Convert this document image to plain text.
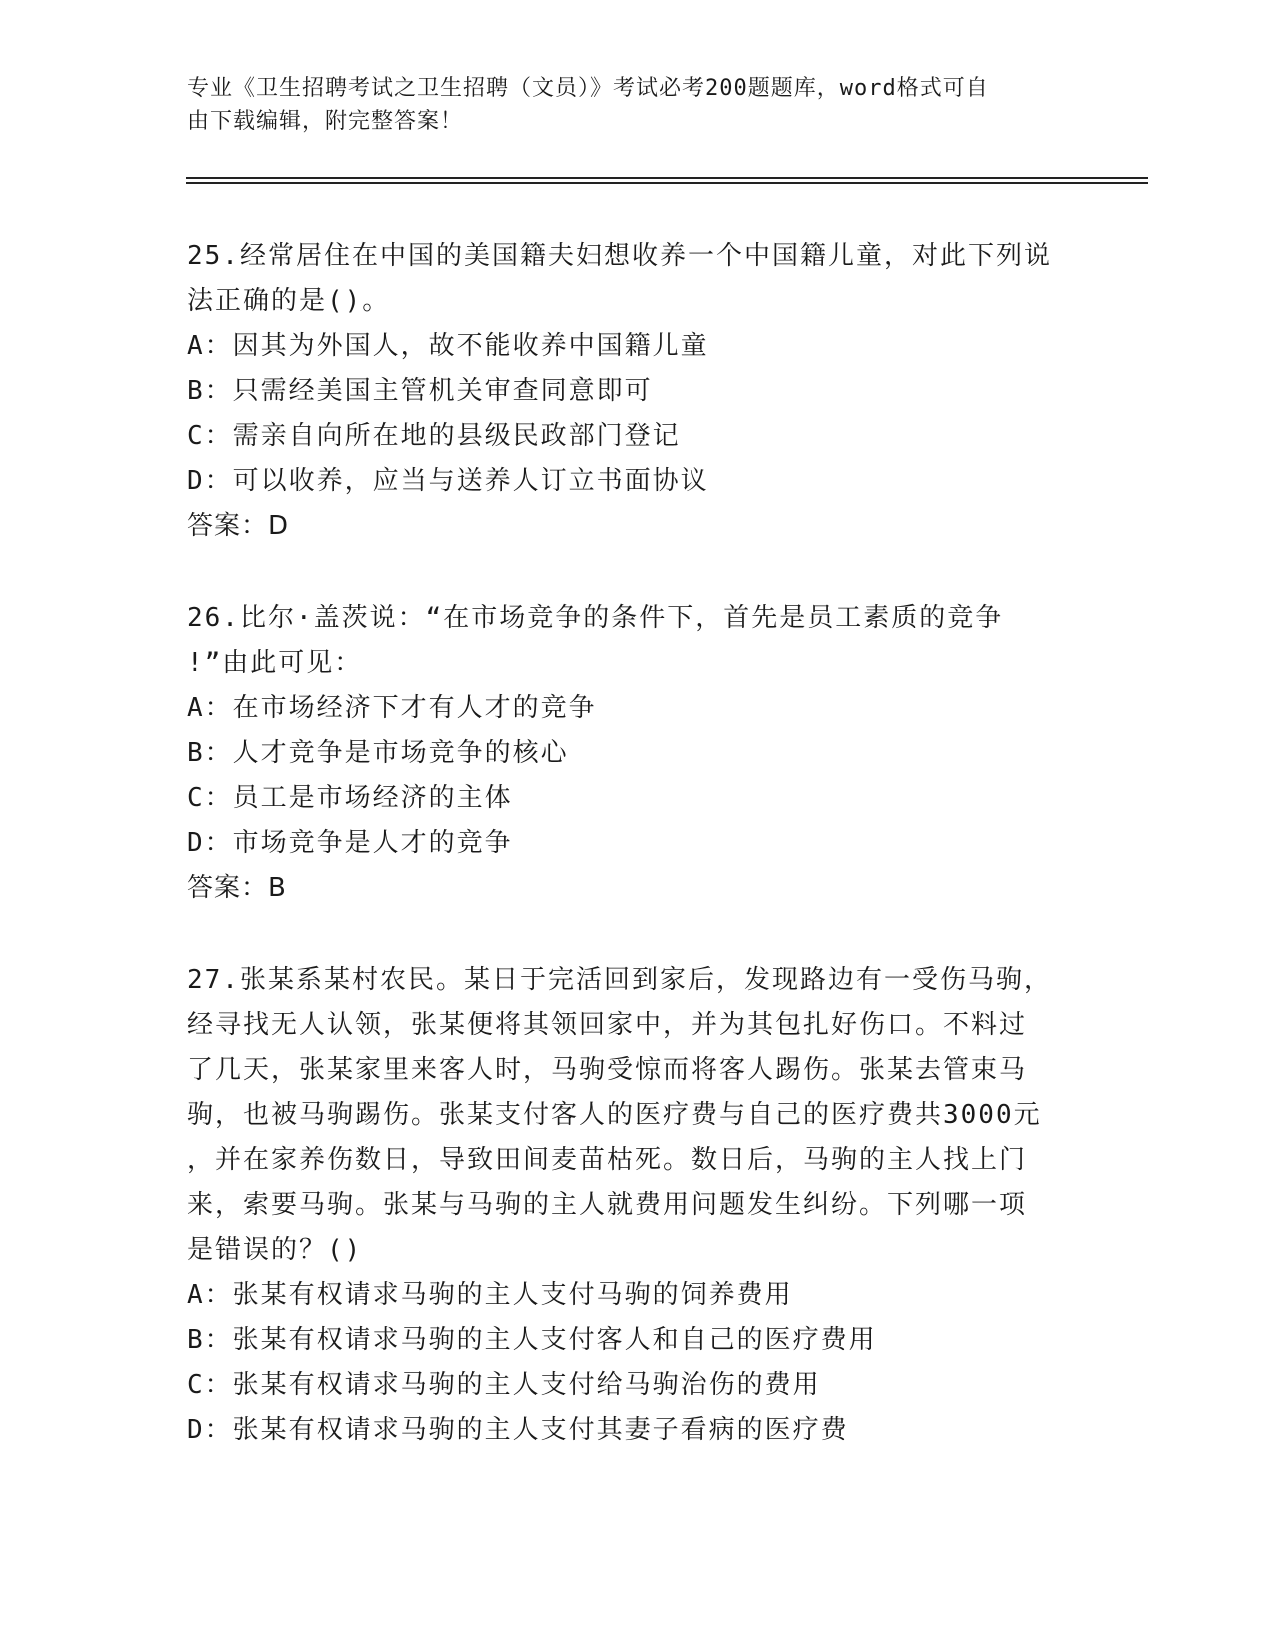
专业《卫生招聘考试之卫生招聘（文员）》考试必考200题题库，word格式可自
由下载编辑，附完整答案！

25.经常居住在中国的美国籍夫妇想收养一个中国籍儿童，对此下列说

法正确的是()。

A：因其为外国人，故不能收养中国籍儿童

B：只需经美国主管机关审查同意即可

C：需亲自向所在地的县级民政部门登记

D：可以收养，应当与送养人订立书面协议

答案：D

26.比尔·盖茨说：“在市场竞争的条件下，首先是员工素质的竞争

!”由此可见：

A：在市场经济下才有人才的竞争

B：人才竞争是市场竞争的核心

C：员工是市场经济的主体

D：市场竞争是人才的竞争

答案：B

27.张某系某村农民。某日于完活回到家后，发现路边有一受伤马驹，

经寻找无人认领，张某便将其领回家中，并为其包扎好伤口。不料过

了几天，张某家里来客人时，马驹受惊而将客人踢伤。张某去管束马

驹，也被马驹踢伤。张某支付客人的医疗费与自己的医疗费共3000元

，并在家养伤数日，导致田间麦苗枯死。数日后，马驹的主人找上门

来，索要马驹。张某与马驹的主人就费用问题发生纠纷。下列哪一项

是错误的？()

A：张某有权请求马驹的主人支付马驹的饲养费用

B：张某有权请求马驹的主人支付客人和自己的医疗费用

C：张某有权请求马驹的主人支付给马驹治伤的费用

D：张某有权请求马驹的主人支付其妻子看病的医疗费
